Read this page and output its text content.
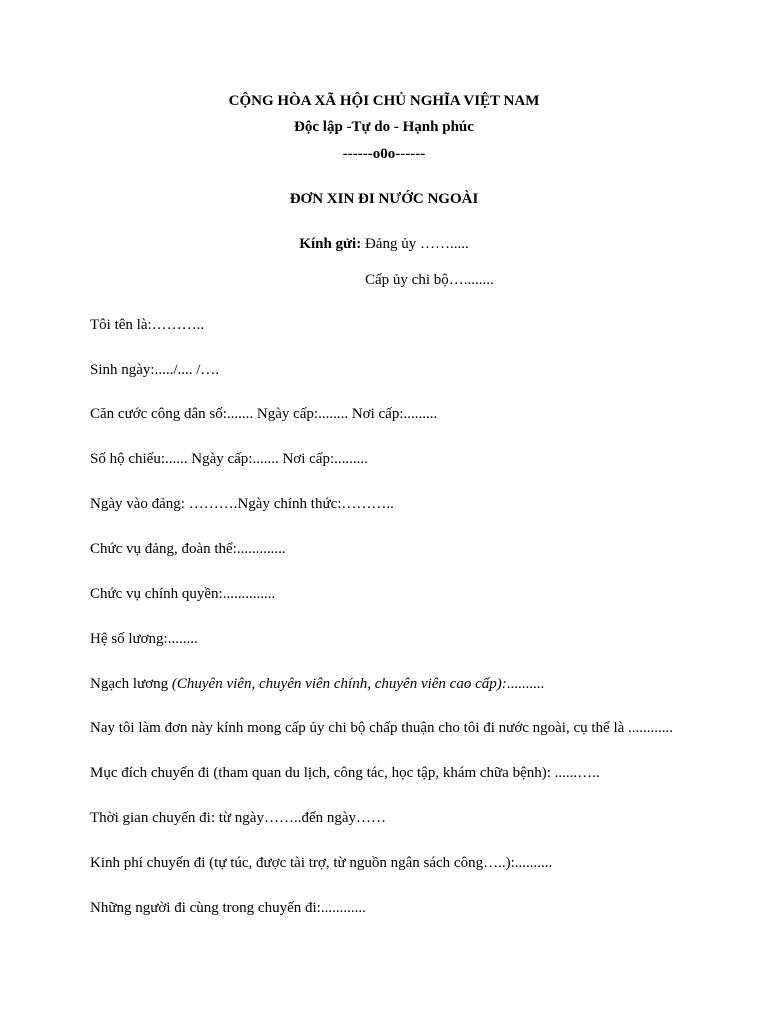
CỘNG HÒA XÃ HỘI CHỦ NGHĨA VIỆT NAM
Độc lập -Tự do - Hạnh phúc
------o0o------
ĐƠN XIN ĐI NƯỚC NGOÀI
Kính gửi: Đảng ủy …….....
Cấp ủy chi bộ…........
Tôi tên là:………..
Sinh ngày:...../.... /….
Căn cước công dân số:....... Ngày cấp:........ Nơi cấp:.........
Số hộ chiếu:...... Ngày cấp:....... Nơi cấp:.........
Ngày vào đảng: ……….Ngày chính thức:………..
Chức vụ đảng, đoàn thể:.............
Chức vụ chính quyền:..............
Hệ số lương:........
Ngạch lương (Chuyên viên, chuyên viên chính, chuyên viên cao cấp):..........
Nay tôi làm đơn này kính mong cấp ủy chi bộ chấp thuận cho tôi đi nước ngoài, cụ thể là ............
Mục đích chuyến đi (tham quan du lịch, công tác, học tập, khám chữa bệnh): ......…..
Thời gian chuyến đi: từ ngày……..đến ngày……
Kinh phí chuyến đi (tự túc, được tài trợ, từ nguồn ngân sách công…..):..........
Những người đi cùng trong chuyến đi:............
